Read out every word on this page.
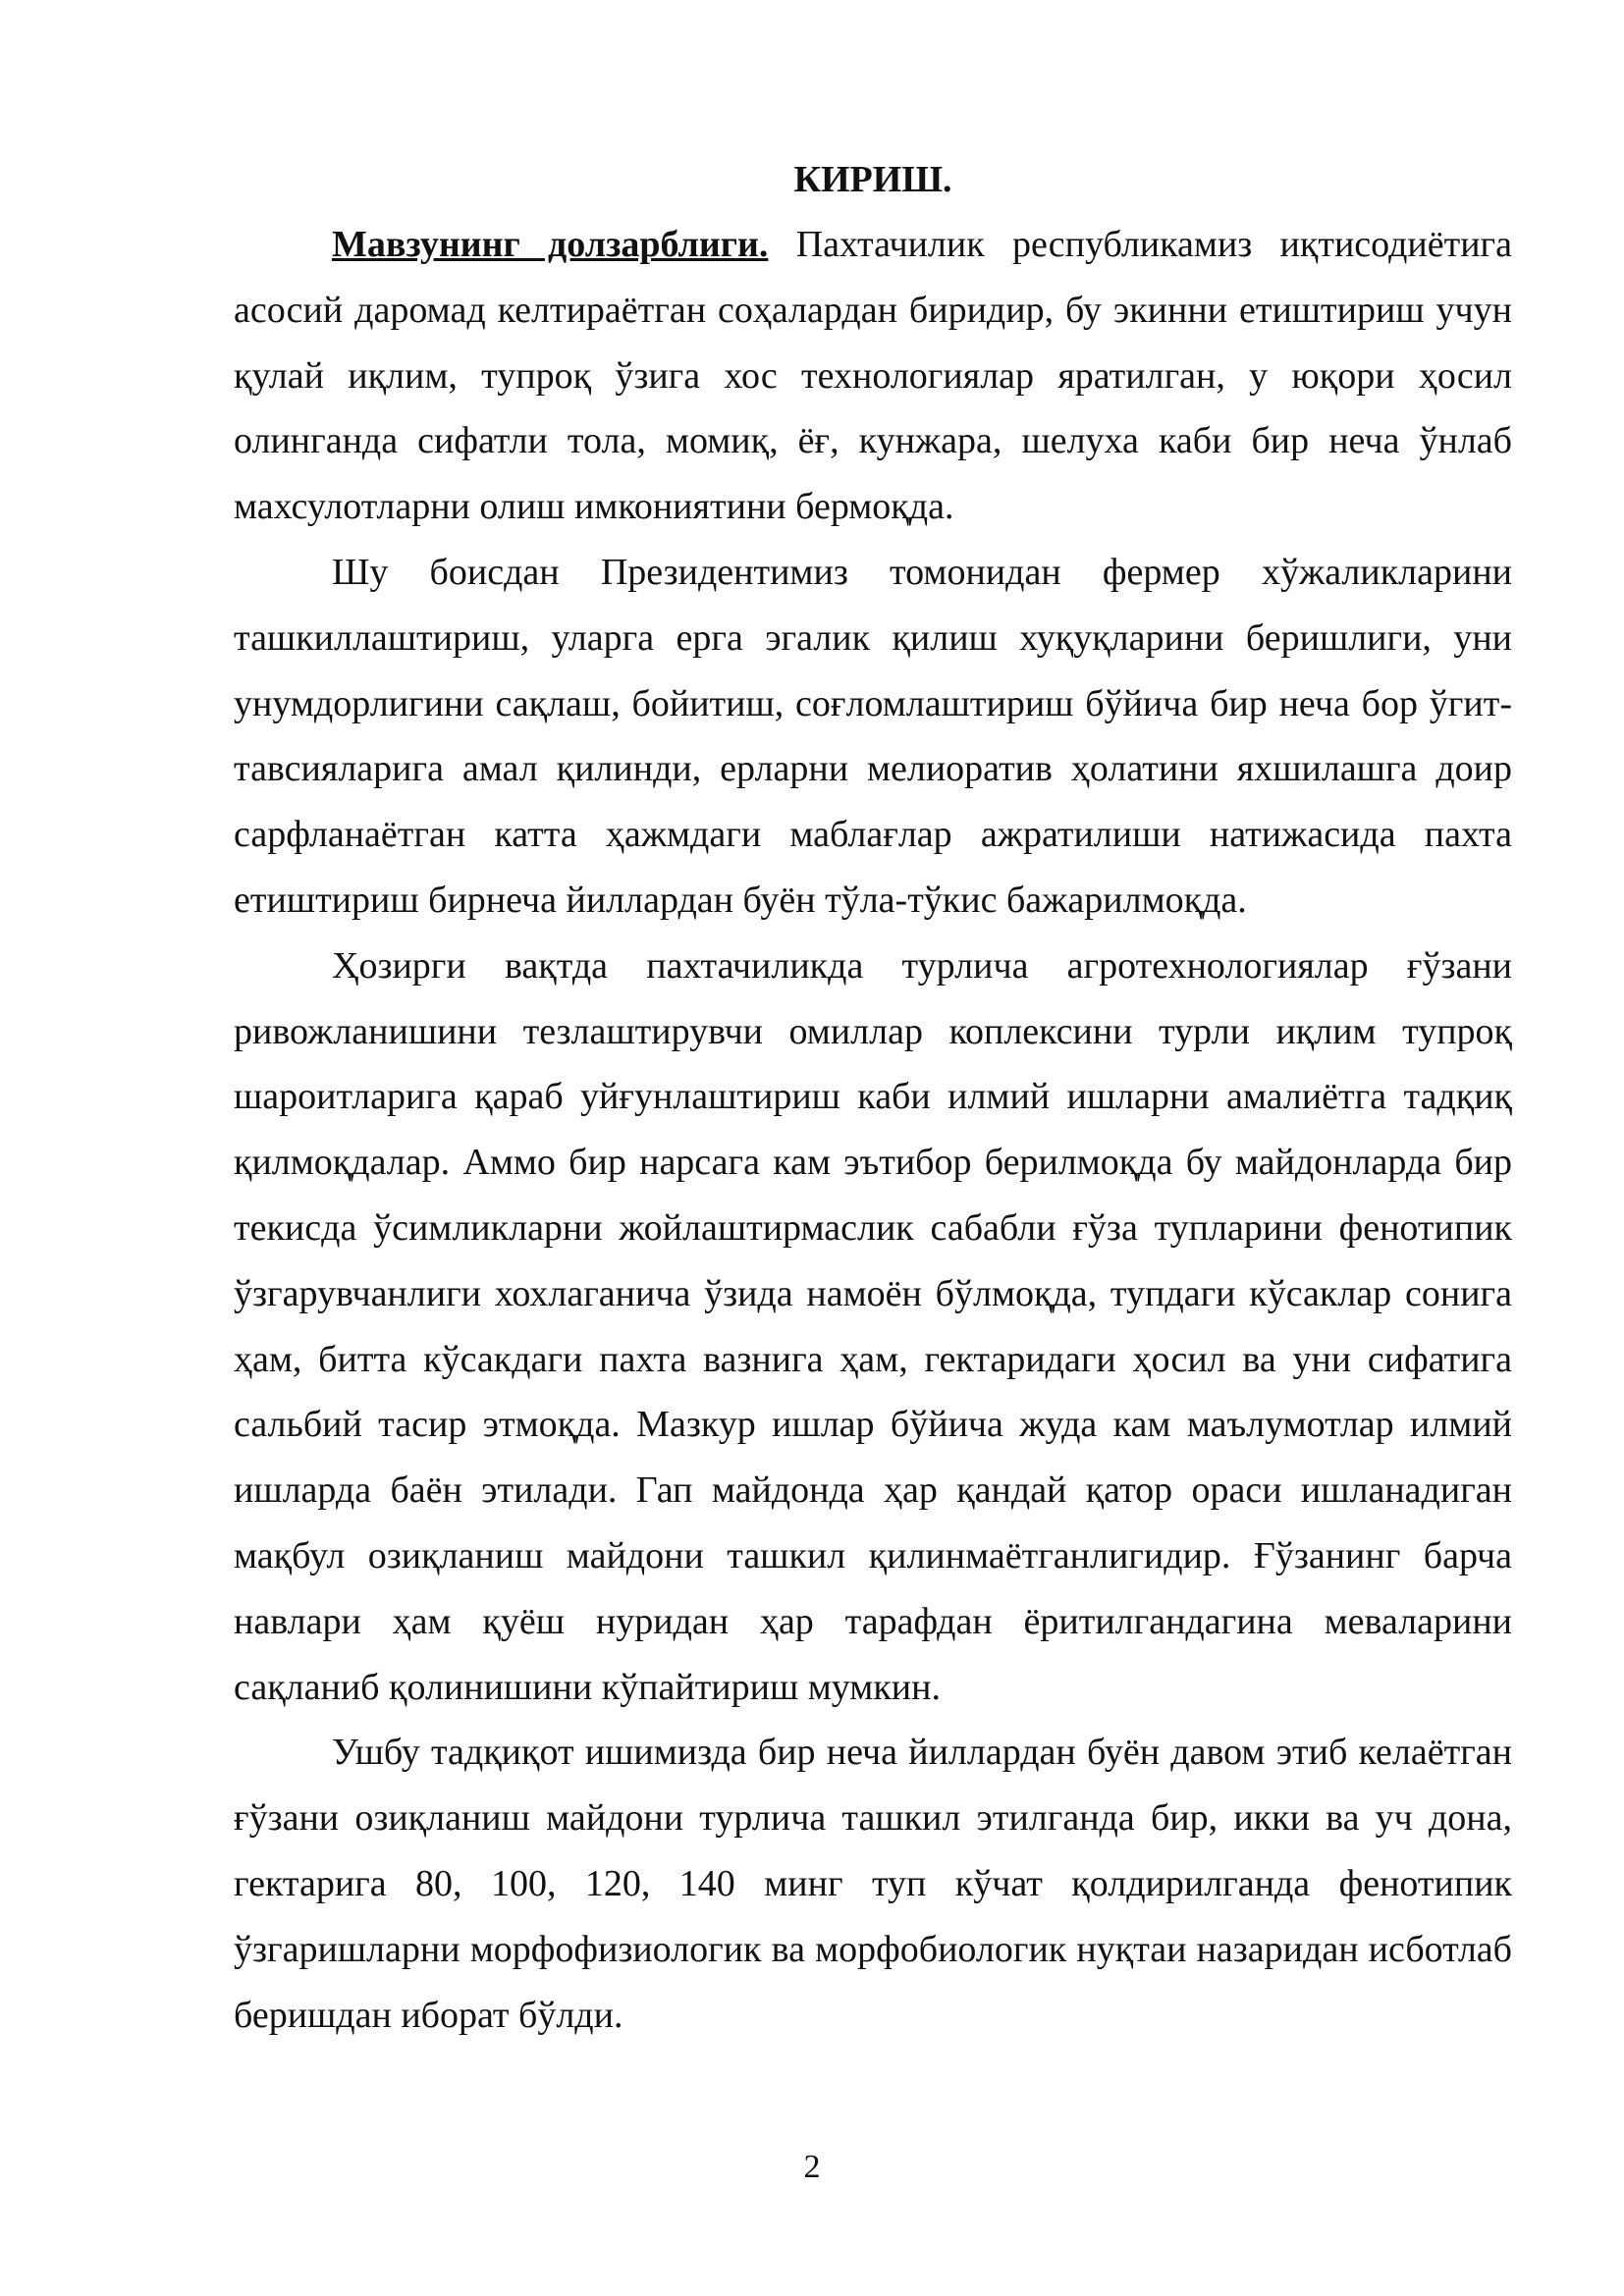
КИРИШ.

Мавзунинг долзарблиги. Пахтачилик республикамиз иқтисодиётига асосий даромад келтираётган соҳалардан биридир, бу экинни етиштириш учун қулай иқлим, тупроқ ўзига хос технологиялар яратилган, у юқори ҳосил олинганда сифатли тола, момиқ, ёғ, кунжара, шелуха каби бир неча ўнлаб махсулотларни олиш имкониятини бермоқда.

Шу боисдан Президентимиз томонидан фермер хўжаликларини ташкиллаштириш, уларга ерга эгалик қилиш хуқуқларини беришлиги, уни унумдорлигини сақлаш, бойитиш, соғломлаштириш бўйича бир неча бор ўгит-тавсияларига амал қилинди, ерларни мелиоратив ҳолатини яхшилашга доир сарфланаётган катта ҳажмдаги маблағлар ажратилиши натижасида пахта етиштириш бирнеча йиллардан буён тўла-тўкис бажарилмоқда.

Ҳозирги вақтда пахтачиликда турлича агротехнологиялар ғўзани ривожланишини тезлаштирувчи омиллар коплексини турли иқлим тупроқ шароитларига қараб уйғунлаштириш каби илмий ишларни амалиётга тадқиқ қилмоқдалар. Аммо бир нарсага кам эътибор берилмоқда бу майдонларда бир текисда ўсимликларни жойлаштирмаслик сабабли ғўза тупларини фенотипик ўзгарувчанлиги хохлаганича ўзида намоён бўлмоқда, тупдаги кўсаклар сонига ҳам, битта кўсакдаги пахта вазнига ҳам, гектаридаги ҳосил ва уни сифатига сальбий тасир этмоқда. Мазкур ишлар бўйича жуда кам маълумотлар илмий ишларда баён этилади. Гап майдонда ҳар қандай қатор ораси ишланадиган мақбул озиқланиш майдони ташкил қилинмаётганлигидир. Ғўзанинг барча навлари ҳам қуёш нуридан ҳар тарафдан ёритилгандагина меваларини сақланиб қолинишини кўпайтириш мумкин.

Ушбу тадқиқот ишимизда бир неча йиллардан буён давом этиб келаётган ғўзани озиқланиш майдони турлича ташкил этилганда бир, икки ва уч дона, гектарига 80, 100, 120, 140 минг туп кўчат қолдирилганда фенотипик ўзгаришларни морфофизиологик ва морфобиологик нуқтаи назаридан исботлаб беришдан иборат бўлди.

2
